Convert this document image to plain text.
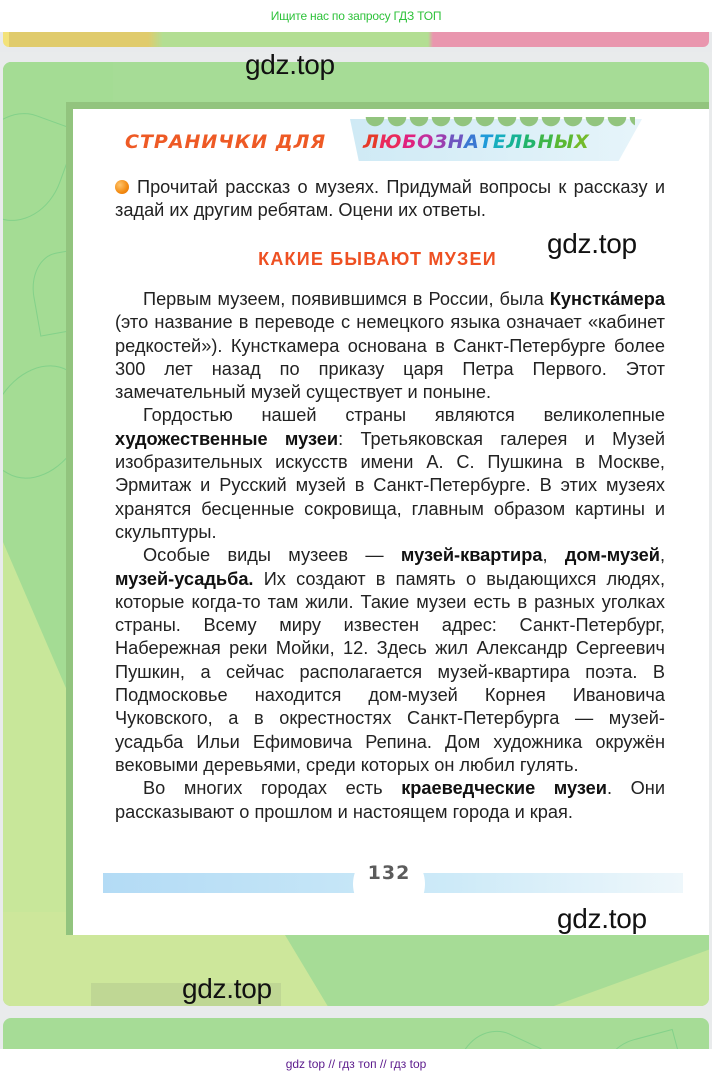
Ищите нас по запросу ГДЗ ТОП
132
СТРАНИЧКИ ДЛЯ ЛЮБОЗНАТЕЛЬНЫХ

Прочитай рассказ о музеях. Придумай вопросы к рассказу и задай их другим ребятам. Оцени их ответы.

КАКИЕ БЫВАЮТ МУЗЕИ

Первым музеем, появившимся в России, была Кунстка́мера (это название в переводе с немецкого языка означает «кабинет редкостей»). Кунсткамера основана в Санкт-Петербурге более 300 лет назад по приказу царя Петра Первого. Этот замечательный музей существует и поныне.

Гордостью нашей страны являются великолепные художественные музеи: Третьяковская галерея и Музей изобразительных искусств имени А. С. Пушкина в Москве, Эрмитаж и Русский музей в Санкт-Петербурге. В этих музеях хранятся бесценные сокровища, главным образом картины и скульптуры.

Особые виды музеев — музей-квартира, дом-музей, музей-усадьба. Их создают в память о выдающихся людях, которые когда-то там жили. Такие музеи есть в разных уголках страны. Всему миру известен адрес: Санкт-Петербург, Набережная реки Мойки, 12. Здесь жил Александр Сергеевич Пушкин, а сейчас располагается музей-квартира поэта. В Подмосковье находится дом-музей Корнея Ивановича Чуковского, а в окрестностях Санкт-Петербурга — музей-усадьба Ильи Ефимовича Репина. Дом художника окружён вековыми деревьями, среди которых он любил гулять.

Во многих городах есть краеведческие музеи. Они рассказывают о прошлом и настоящем города и края.

gdz.top
gdz.top
gdz.top
gdz.top
gdz top // гдз топ // гдз top
